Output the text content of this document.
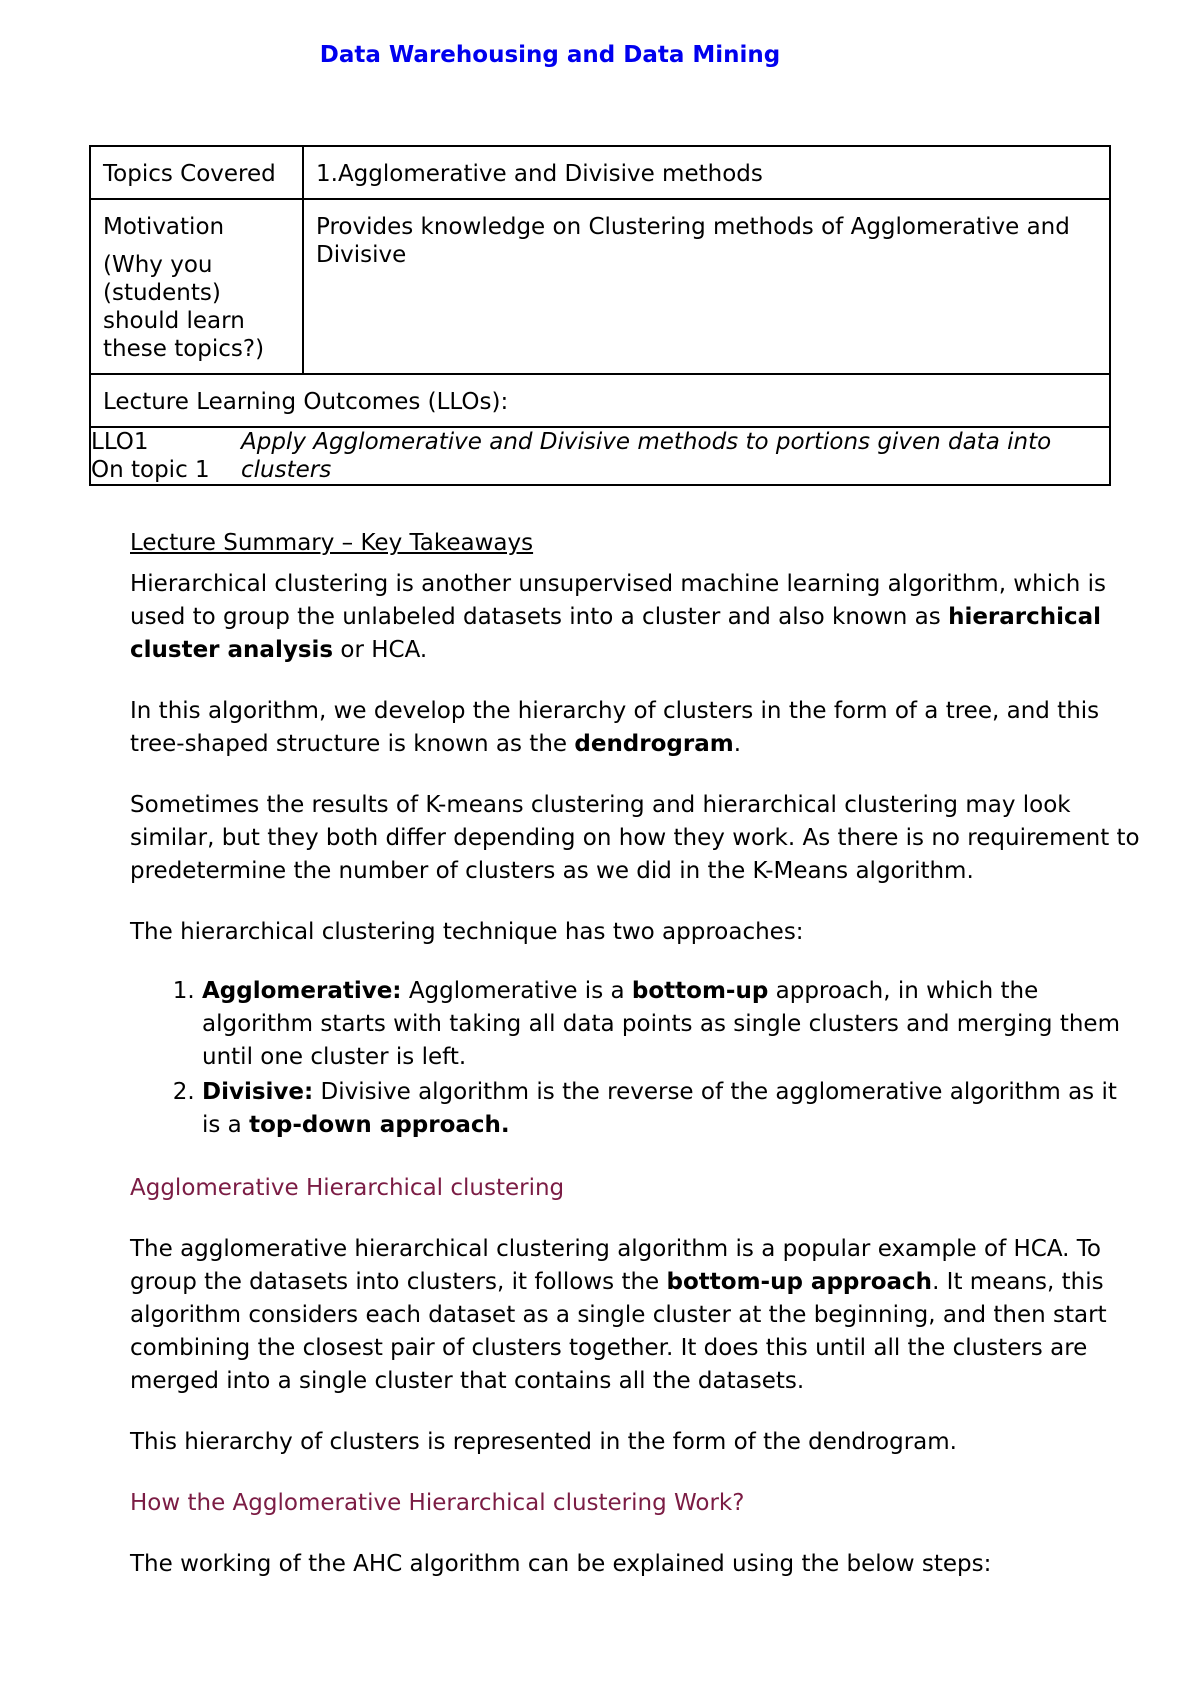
Data Warehousing and Data Mining
Topics Covered	1.Agglomerative and Divisive methods

Motivation

(Why you (students) should learn these topics?)

	Provides knowledge on Clustering methods of Agglomerative and Divisive
Lecture Learning Outcomes (LLOs):

LLO1
On topic 1
	Apply Agglomerative and Divisive methods to portions given data into clusters

Lecture Summary – Key Takeaways

Hierarchical clustering is another unsupervised machine learning algorithm, which is used to group the unlabeled datasets into a cluster and also known as hierarchical cluster analysis or HCA.

In this algorithm, we develop the hierarchy of clusters in the form of a tree, and this tree-shaped structure is known as the dendrogram.

Sometimes the results of K-means clustering and hierarchical clustering may look similar, but they both differ depending on how they work. As there is no requirement to predetermine the number of clusters as we did in the K-Means algorithm.

The hierarchical clustering technique has two approaches:

1. Agglomerative: Agglomerative is a bottom-up approach, in which the algorithm starts with taking all data points as single clusters and merging them until one cluster is left.
2. Divisive: Divisive algorithm is the reverse of the agglomerative algorithm as it is a top-down approach.

Agglomerative Hierarchical clustering

The agglomerative hierarchical clustering algorithm is a popular example of HCA. To group the datasets into clusters, it follows the bottom-up approach. It means, this algorithm considers each dataset as a single cluster at the beginning, and then start combining the closest pair of clusters together. It does this until all the clusters are merged into a single cluster that contains all the datasets.

This hierarchy of clusters is represented in the form of the dendrogram.

How the Agglomerative Hierarchical clustering Work?

The working of the AHC algorithm can be explained using the below steps:
